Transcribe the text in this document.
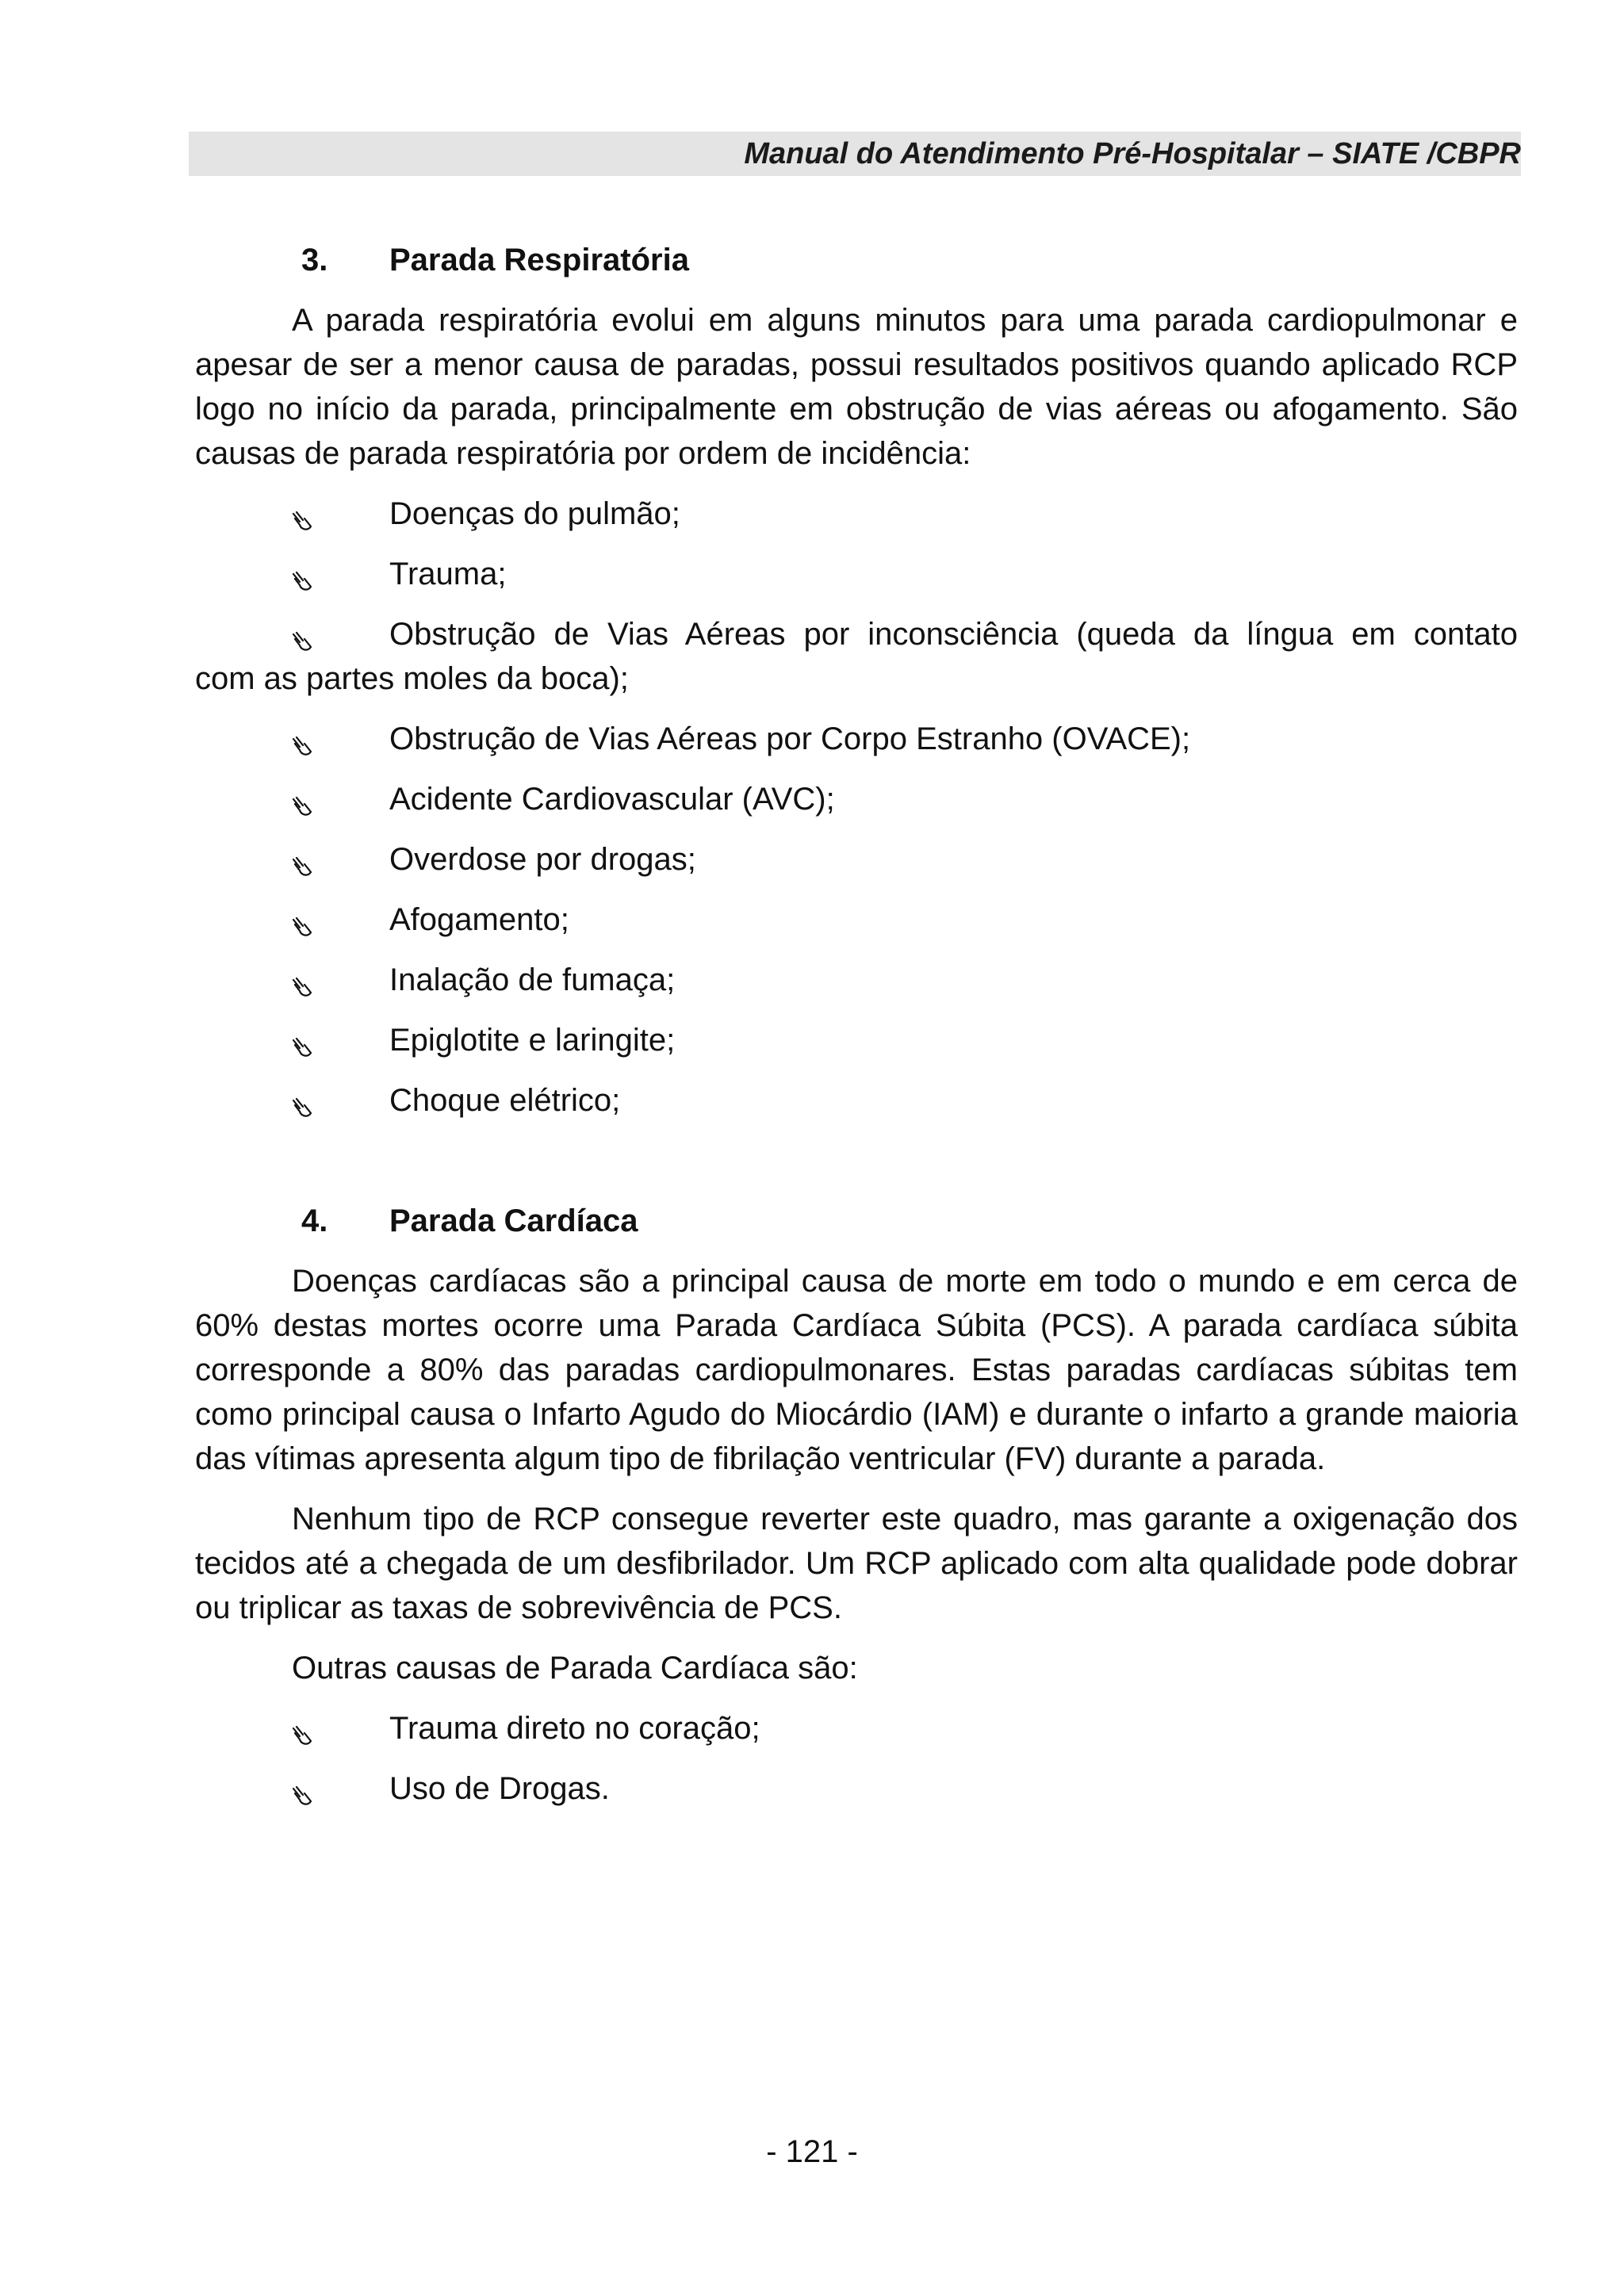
Manual do Atendimento Pré-Hospitalar – SIATE /CBPR
3.	Parada Respiratória

A parada respiratória evolui em alguns minutos para uma parada cardiopulmonar e apesar de ser a menor causa de paradas, possui resultados positivos quando aplicado RCP logo no início da parada, principalmente em obstrução de vias aéreas ou afogamento. São causas de parada respiratória por ordem de incidência:

Doenças do pulmão;
Trauma;
Obstrução de Vias Aéreas por inconsciência (queda da língua em contato
com as partes moles da boca);
Obstrução de Vias Aéreas por Corpo Estranho (OVACE);
Acidente Cardiovascular (AVC);
Overdose por drogas;
Afogamento;
Inalação de fumaça;
Epiglotite e laringite;
Choque elétrico;
4.	Parada Cardíaca

Doenças cardíacas são a principal causa de morte em todo o mundo e em cerca de 60% destas mortes ocorre uma Parada Cardíaca Súbita (PCS). A parada cardíaca súbita corresponde a 80% das paradas cardiopulmonares. Estas paradas cardíacas súbitas tem como principal causa o Infarto Agudo do Miocárdio (IAM) e durante o infarto a grande maioria das vítimas apresenta algum tipo de fibrilação ventricular (FV) durante a parada.

Nenhum tipo de RCP consegue reverter este quadro, mas garante a oxigenação dos tecidos até a chegada de um desfibrilador. Um RCP aplicado com alta qualidade pode dobrar ou triplicar as taxas de sobrevivência de PCS.

Outras causas de Parada Cardíaca são:

Trauma direto no coração;
Uso de Drogas.
- 121 -
